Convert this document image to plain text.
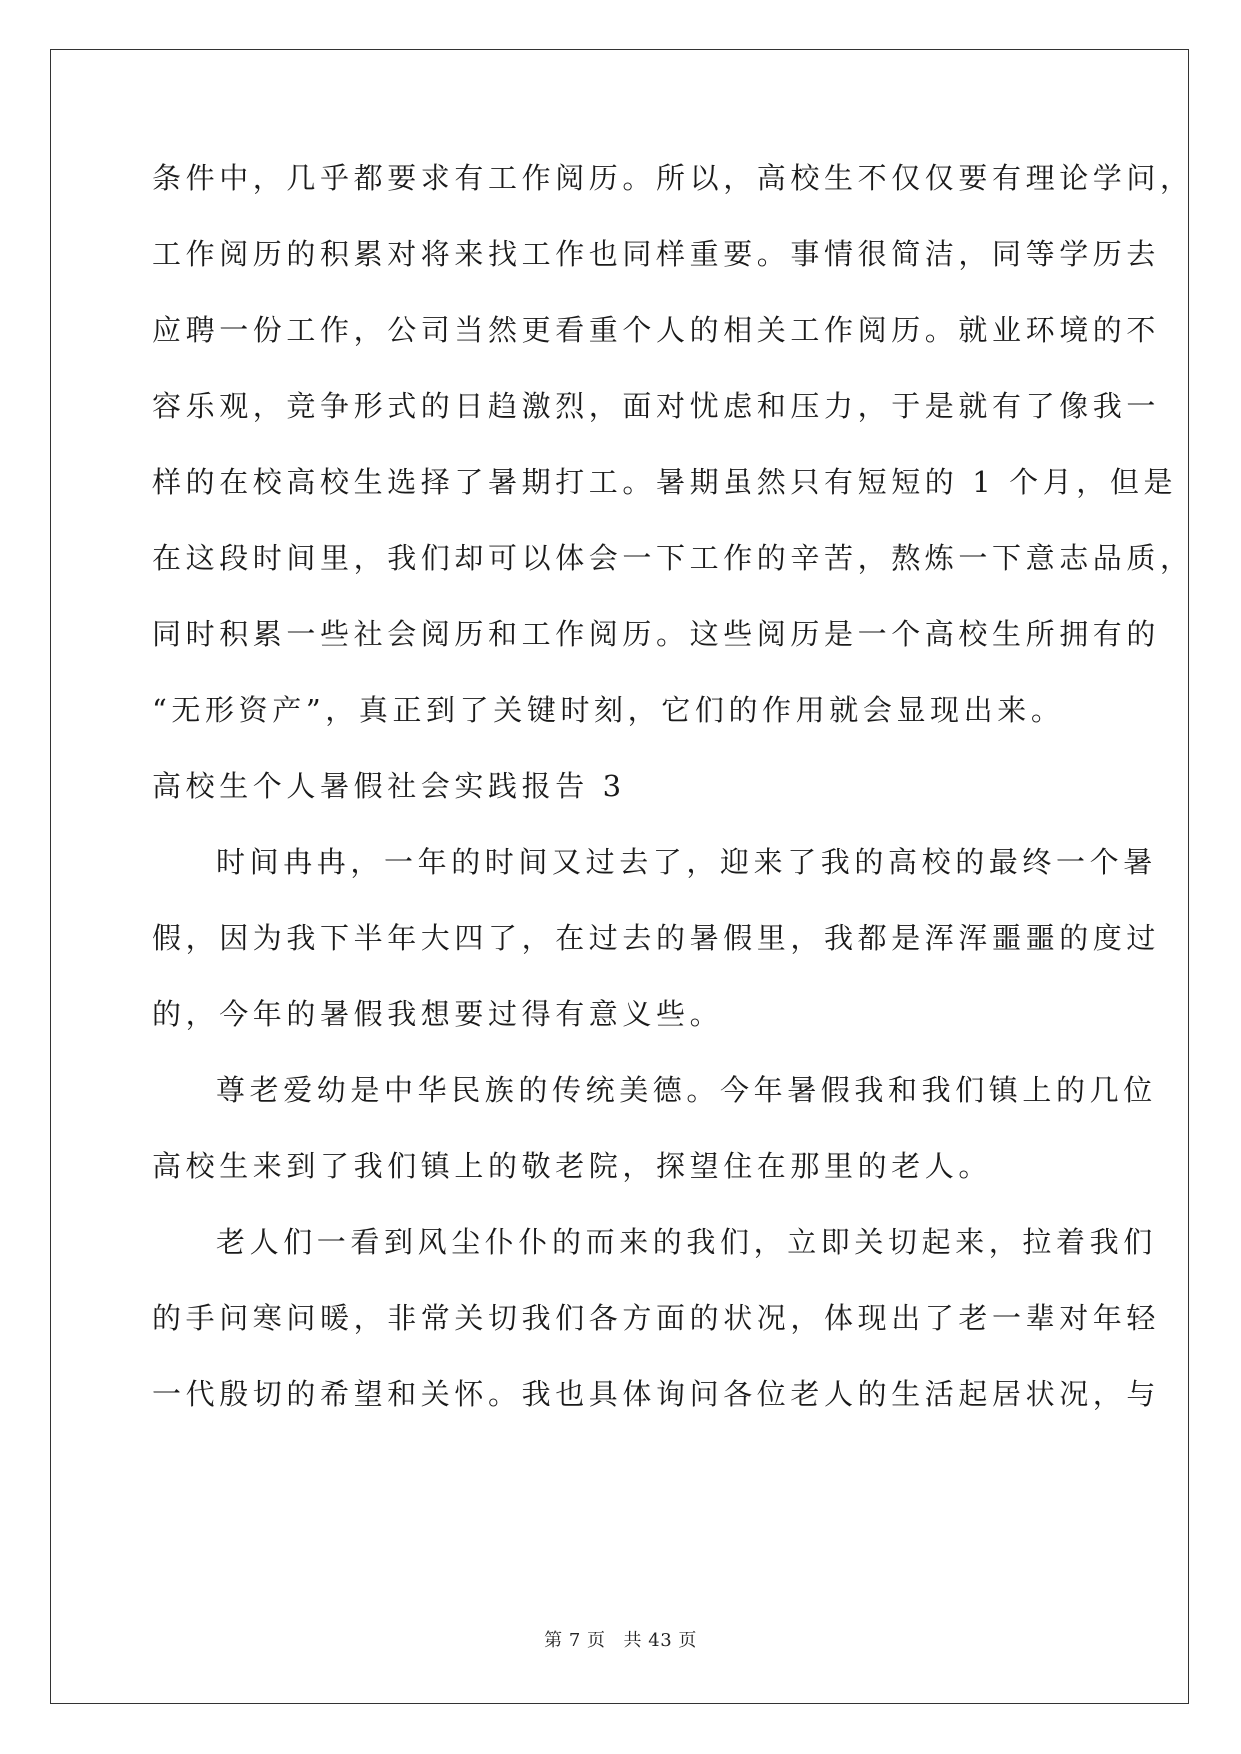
条件中，几乎都要求有工作阅历。所以，高校生不仅仅要有理论学问，
工作阅历的积累对将来找工作也同样重要。事情很简洁，同等学历去
应聘一份工作，公司当然更看重个人的相关工作阅历。就业环境的不
容乐观，竞争形式的日趋激烈，面对忧虑和压力，于是就有了像我一
样的在校高校生选择了暑期打工。暑期虽然只有短短的 1 个月，但是
在这段时间里，我们却可以体会一下工作的辛苦，熬炼一下意志品质，
同时积累一些社会阅历和工作阅历。这些阅历是一个高校生所拥有的
“无形资产”，真正到了关键时刻，它们的作用就会显现出来。
高校生个人暑假社会实践报告 3
时间冉冉，一年的时间又过去了，迎来了我的高校的最终一个暑
假，因为我下半年大四了，在过去的暑假里，我都是浑浑噩噩的度过
的，今年的暑假我想要过得有意义些。
尊老爱幼是中华民族的传统美德。今年暑假我和我们镇上的几位
高校生来到了我们镇上的敬老院，探望住在那里的老人。
老人们一看到风尘仆仆的而来的我们，立即关切起来，拉着我们
的手问寒问暖，非常关切我们各方面的状况，体现出了老一辈对年轻
一代殷切的希望和关怀。我也具体询问各位老人的生活起居状况，与
第 7 页 共 43 页
